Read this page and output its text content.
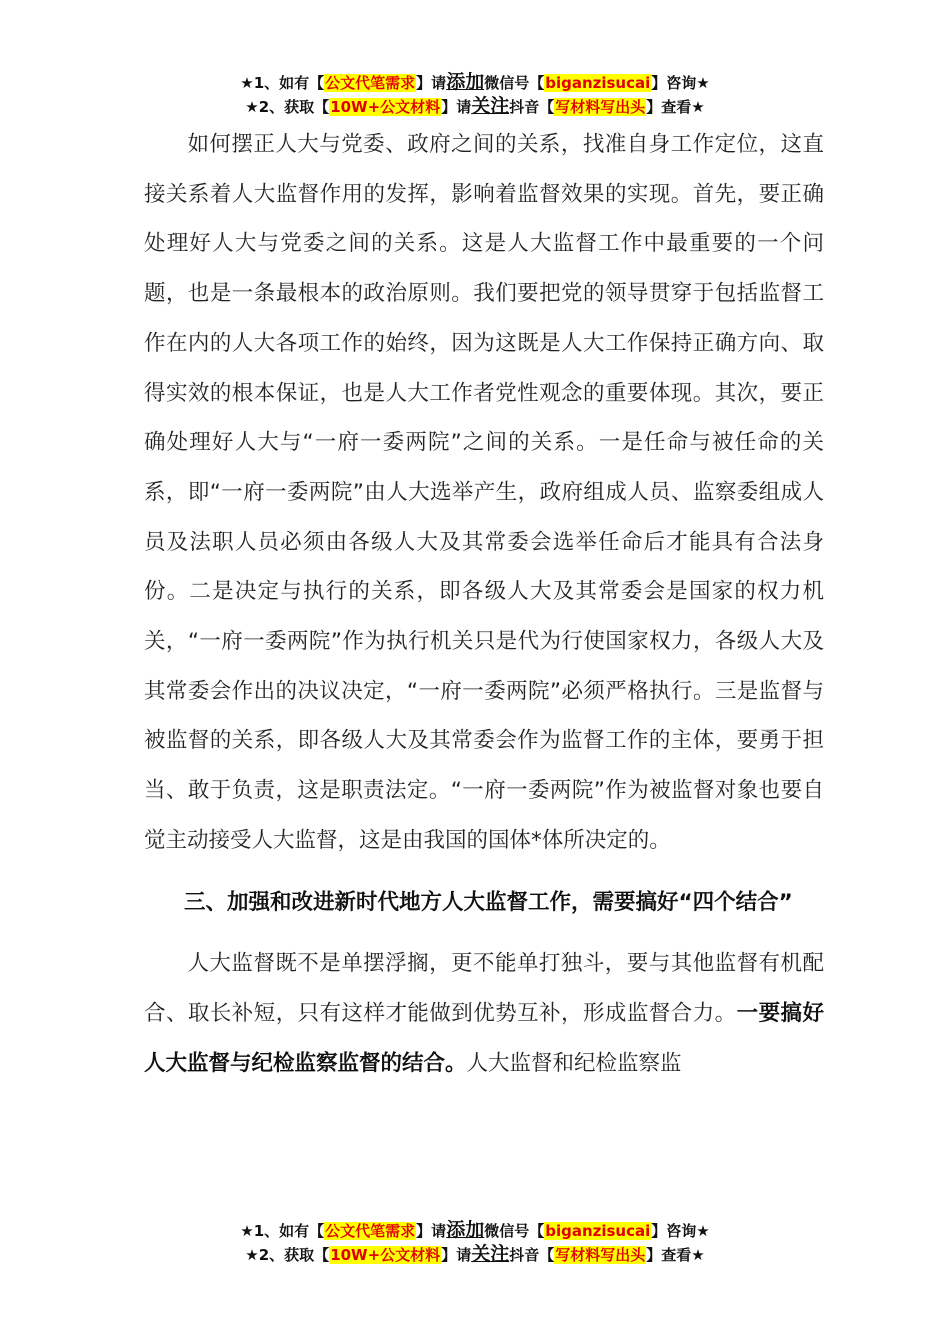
★1、如有【公文代笔需求】请添加微信号【biganzisucai】咨询★
★2、获取【10W+公文材料】请关注抖音【写材料写出头】查看★

如何摆正人大与党委、政府之间的关系，找准自身工作定位，这直接关系着人大监督作用的发挥，影响着监督效果的实现。首先，要正确处理好人大与党委之间的关系。这是人大监督工作中最重要的一个问题，也是一条最根本的政治原则。我们要把党的领导贯穿于包括监督工作在内的人大各项工作的始终，因为这既是人大工作保持正确方向、取得实效的根本保证，也是人大工作者党性观念的重要体现。其次，要正确处理好人大与“一府一委两院”之间的关系。一是任命与被任命的关系，即“一府一委两院”由人大选举产生，政府组成人员、监察委组成人员及法职人员必须由各级人大及其常委会选举任命后才能具有合法身份。二是决定与执行的关系，即各级人大及其常委会是国家的权力机关，“一府一委两院”作为执行机关只是代为行使国家权力，各级人大及其常委会作出的决议决定，“一府一委两院”必须严格执行。三是监督与被监督的关系，即各级人大及其常委会作为监督工作的主体，要勇于担当、敢于负责，这是职责法定。“一府一委两院”作为被监督对象也要自觉主动接受人大监督，这是由我国的国体*体所决定的。

三、加强和改进新时代地方人大监督工作，需要搞好“四个结合”

人大监督既不是单摆浮搁，更不能单打独斗，要与其他监督有机配合、取长补短，只有这样才能做到优势互补，形成监督合力。一要搞好人大监督与纪检监察监督的结合。人大监督和纪检监察监

★1、如有【公文代笔需求】请添加微信号【biganzisucai】咨询★
★2、获取【10W+公文材料】请关注抖音【写材料写出头】查看★
